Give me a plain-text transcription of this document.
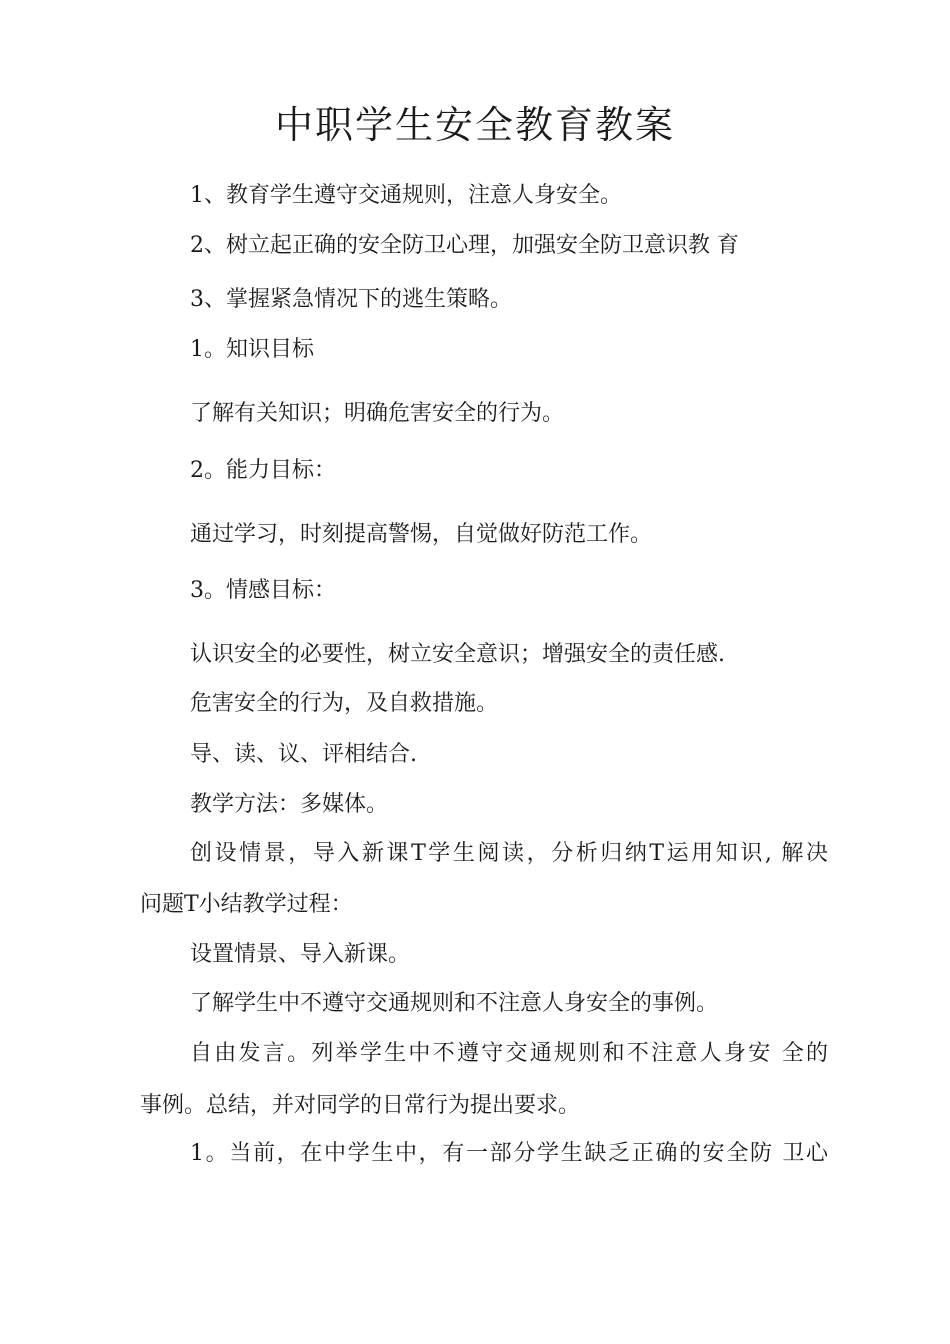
中职学生安全教育教案
1、教育学生遵守交通规则，注意人身安全。
2、树立起正确的安全防卫心理，加强安全防卫意识教 育
3、掌握紧急情况下的逃生策略。
1。知识目标
了解有关知识；明确危害安全的行为。
2。能力目标：
通过学习，时刻提高警惕，自觉做好防范工作。
3。情感目标：
认识安全的必要性，树立安全意识；增强安全的责任感.
危害安全的行为，及自救措施。
导、读、议、评相结合.
教学方法：多媒体。
创设情景，导入新课T学生阅读，分析归纳T运用知识, 解决
问题T小结教学过程：
设置情景、导入新课。
了解学生中不遵守交通规则和不注意人身安全的事例。
自由发言。列举学生中不遵守交通规则和不注意人身安 全的
事例。总结，并对同学的日常行为提出要求。
1。当前，在中学生中，有一部分学生缺乏正确的安全防 卫心
